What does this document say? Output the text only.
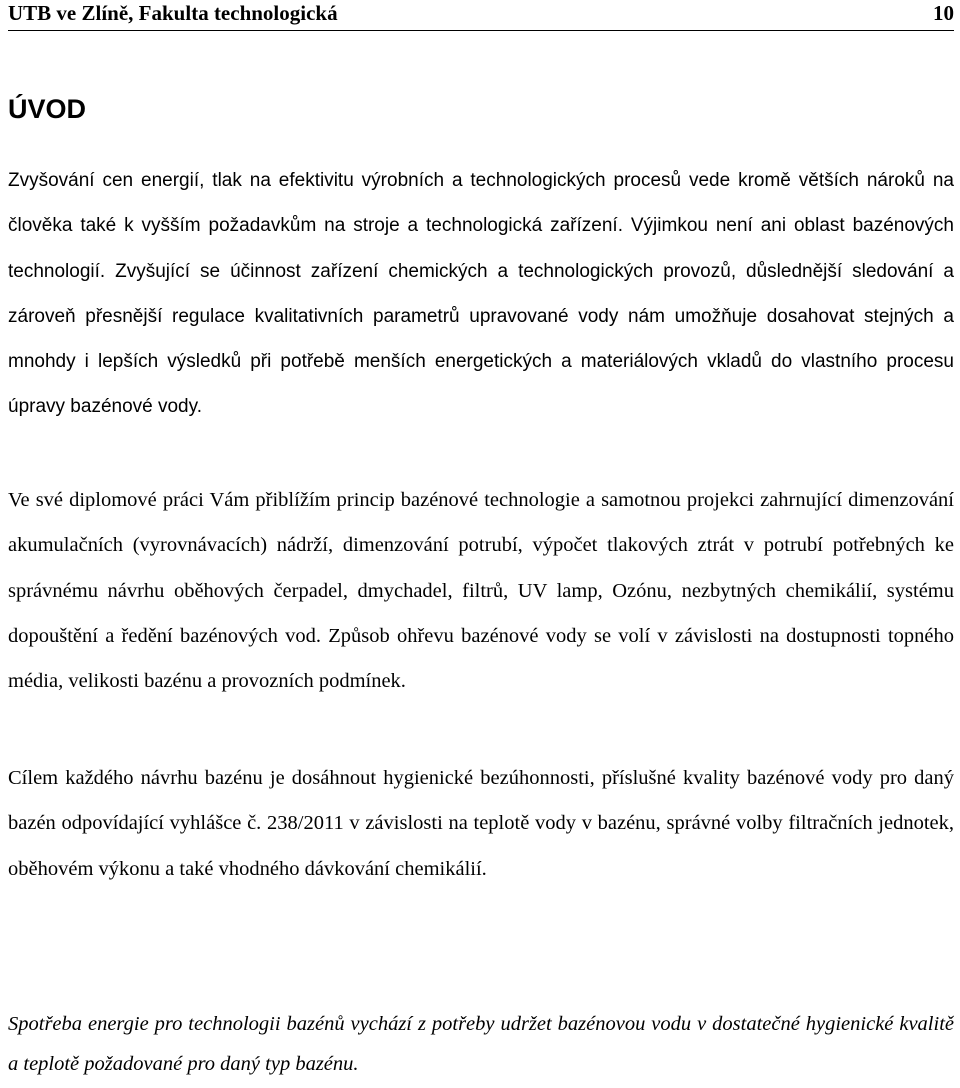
UTB ve Zlíně, Fakulta technologická	10
ÚVOD

Zvyšování cen energií, tlak na efektivitu výrobních a technologických procesů vede kromě větších nároků na člověka také k vyšším požadavkům na stroje a technologická zařízení. Výjimkou není ani oblast bazénových technologií. Zvyšující se účinnost zařízení chemických a technologických provozů, důslednější sledování a zároveň přesnější regulace kvalitativních parametrů upravované vody nám umožňuje dosahovat stejných a mnohdy i lepších výsledků při potřebě menších energetických a materiálových vkladů do vlastního procesu úpravy bazénové vody.

Ve své diplomové práci Vám přiblížím princip bazénové technologie a samotnou projekci zahrnující dimenzování akumulačních (vyrovnávacích) nádrží, dimenzování potrubí, výpočet tlakových ztrát v potrubí potřebných ke správnému návrhu oběhových čerpadel, dmychadel, filtrů, UV lamp, Ozónu, nezbytných chemikálií, systému dopouštění a ředění bazénových vod. Způsob ohřevu bazénové vody se volí v závislosti na dostupnosti topného média, velikosti bazénu a provozních podmínek.

Cílem každého návrhu bazénu je dosáhnout hygienické bezúhonnosti, příslušné kvality bazénové vody pro daný bazén odpovídající vyhlášce č. 238/2011 v závislosti na teplotě vody v bazénu, správné volby filtračních jednotek, oběhovém výkonu a také vhodného dávkování chemikálií.

Spotřeba energie pro technologii bazénů vychází z potřeby udržet bazénovou vodu v dostatečné hygienické kvalitě a teplotě požadované pro daný typ bazénu.
